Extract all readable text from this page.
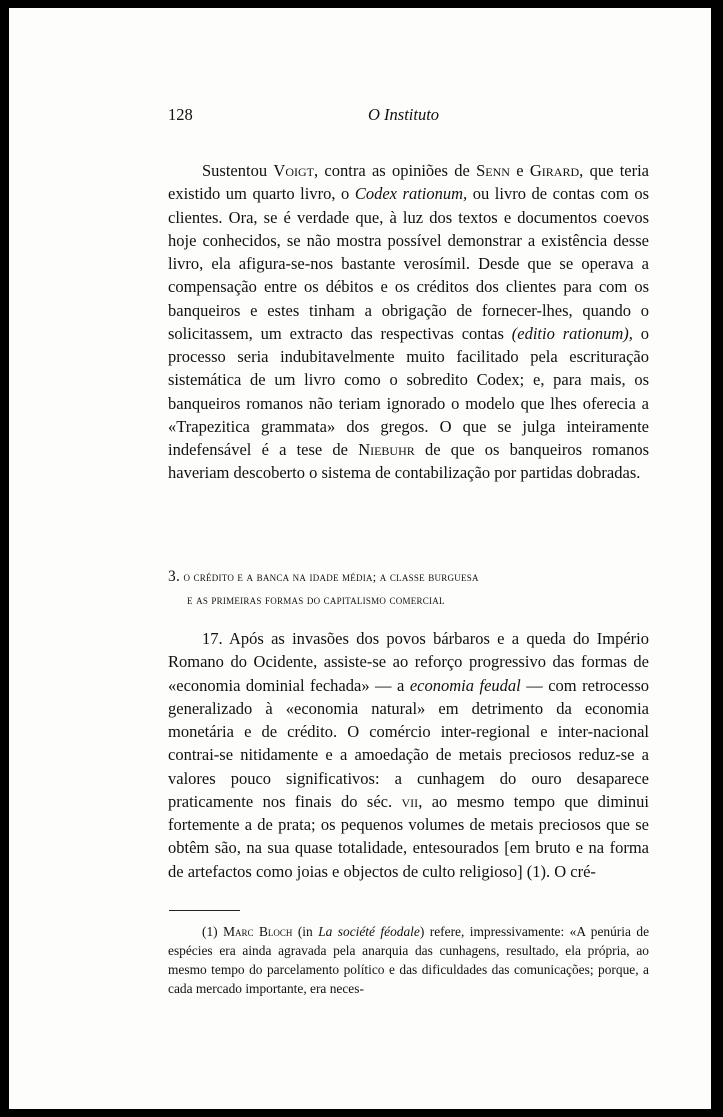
128	O Instituto

Sustentou Voigt, contra as opiniões de Senn e Girard, que teria existido um quarto livro, o Codex rationum, ou livro de contas com os clientes. Ora, se é verdade que, à luz dos textos e documentos coevos hoje conhecidos, se não mostra possível demonstrar a existência desse livro, ela afigura-se-nos bastante verosímil. Desde que se operava a compensação entre os débitos e os créditos dos clientes para com os banqueiros e estes tinham a obrigação de fornecer-lhes, quando o solicitassem, um extracto das respectivas contas (editio rationum), o processo seria indubitavelmente muito facilitado pela escrituração sistemática de um livro como o sobredito Codex; e, para mais, os banqueiros romanos não teriam ignorado o modelo que lhes oferecia a «Trapezitica grammata» dos gregos. O que se julga inteiramente indefensável é a tese de Niebuhr de que os banqueiros romanos haveriam descoberto o sistema de contabilização por partidas dobradas.

3. o crédito e a banca na idade média; a classe burguesa
e as primeiras formas do capitalismo comercial

17. Após as invasões dos povos bárbaros e a queda do Império Romano do Ocidente, assiste-se ao reforço progressivo das formas de «economia dominial fechada» — a economia feudal — com retrocesso generalizado à «economia natural» em detrimento da economia monetária e de crédito. O comércio inter-regional e inter-nacional contrai-se nitidamente e a amoedação de metais preciosos reduz-se a valores pouco significativos: a cunhagem do ouro desaparece praticamente nos finais do séc. vii, ao mesmo tempo que diminui fortemente a de prata; os pequenos volumes de metais preciosos que se obtêm são, na sua quase totalidade, entesourados [em bruto e na forma de artefactos como joias e objectos de culto religioso] (1). O cré-

(1) Marc Bloch (in La société féodale) refere, impressivamente: «A penúria de espécies era ainda agravada pela anarquia das cunhagens, resultado, ela própria, ao mesmo tempo do parcelamento político e das dificuldades das comunicações; porque, a cada mercado importante, era neces-
